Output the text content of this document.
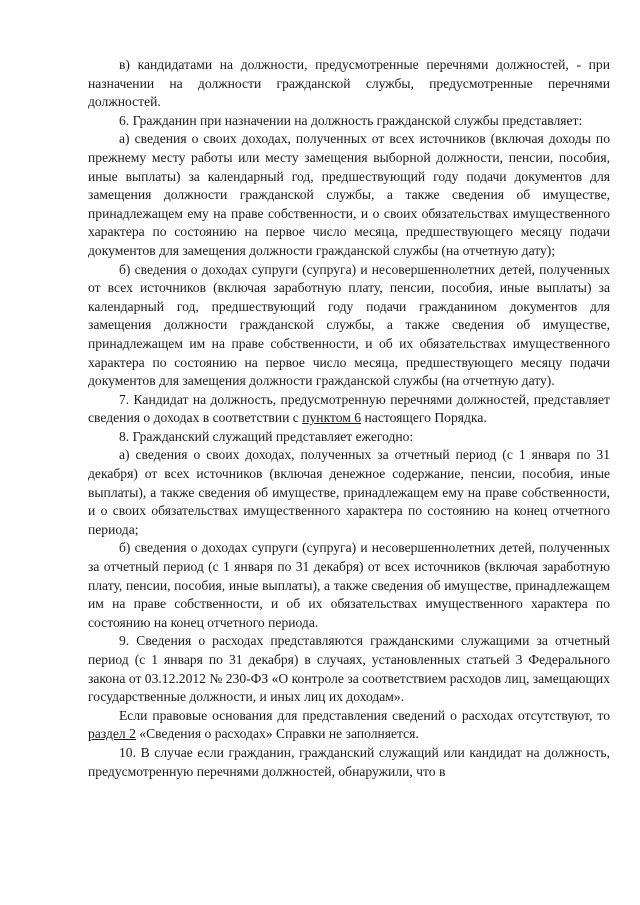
в) кандидатами на должности, предусмотренные перечнями должностей, - при назначении на должности гражданской службы, предусмотренные перечнями должностей.

6. Гражданин при назначении на должность гражданской службы представляет:

а) сведения о своих доходах, полученных от всех источников (включая доходы по прежнему месту работы или месту замещения выборной должности, пенсии, пособия, иные выплаты) за календарный год, предшествующий году подачи документов для замещения должности гражданской службы, а также сведения об имуществе, принадлежащем ему на праве собственности, и о своих обязательствах имущественного характера по состоянию на первое число месяца, предшествующего месяцу подачи документов для замещения должности гражданской службы (на отчетную дату);

б) сведения о доходах супруги (супруга) и несовершеннолетних детей, полученных от всех источников (включая заработную плату, пенсии, пособия, иные выплаты) за календарный год, предшествующий году подачи гражданином документов для замещения должности гражданской службы, а также сведения об имуществе, принадлежащем им на праве собственности, и об их обязательствах имущественного характера по состоянию на первое число месяца, предшествующего месяцу подачи документов для замещения должности гражданской службы (на отчетную дату).

7. Кандидат на должность, предусмотренную перечнями должностей, представляет сведения о доходах в соответствии с пунктом 6 настоящего Порядка.

8. Гражданский служащий представляет ежегодно:

а) сведения о своих доходах, полученных за отчетный период (с 1 января по 31 декабря) от всех источников (включая денежное содержание, пенсии, пособия, иные выплаты), а также сведения об имуществе, принадлежащем ему на праве собственности, и о своих обязательствах имущественного характера по состоянию на конец отчетного периода;

б) сведения о доходах супруги (супруга) и несовершеннолетних детей, полученных за отчетный период (с 1 января по 31 декабря) от всех источников (включая заработную плату, пенсии, пособия, иные выплаты), а также сведения об имуществе, принадлежащем им на праве собственности, и об их обязательствах имущественного характера по состоянию на конец отчетного периода.

9. Сведения о расходах представляются гражданскими служащими за отчетный период (с 1 января по 31 декабря) в случаях, установленных статьей 3 Федерального закона от 03.12.2012 № 230-ФЗ «О контроле за соответствием расходов лиц, замещающих государственные должности, и иных лиц их доходам».

Если правовые основания для представления сведений о расходах отсутствуют, то раздел 2 «Сведения о расходах» Справки не заполняется.

10. В случае если гражданин, гражданский служащий или кандидат на должность, предусмотренную перечнями должностей, обнаружили, что в
